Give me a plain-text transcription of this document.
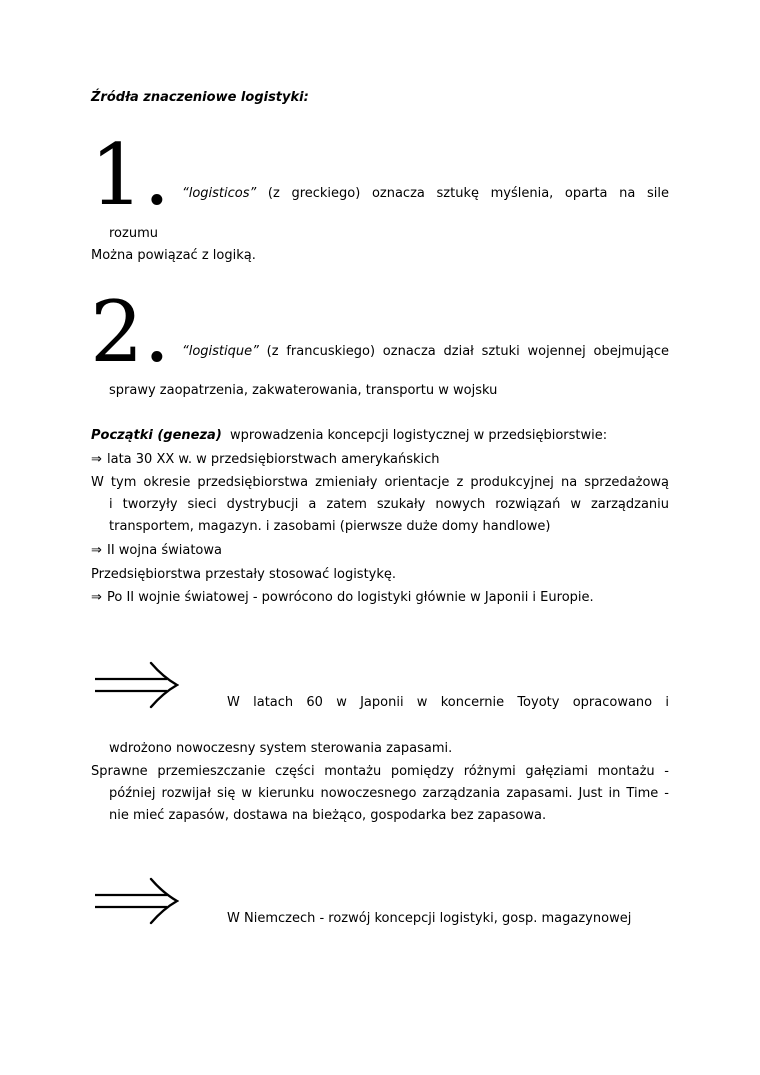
Źródła znaczeniowe logistyki:
1. “logisticos” (z greckiego) oznacza sztukę myślenia, oparta na sile
rozumu
Można powiązać z logiką.
2. “logistique” (z francuskiego) oznacza dział sztuki wojennej obejmujące
sprawy zaopatrzenia, zakwaterowania, transportu w wojsku
Początki (geneza) wprowadzenia koncepcji logistycznej w przedsiębiorstwie:
⇒ lata 30 XX w. w przedsiębiorstwach amerykańskich
W tym okresie przedsiębiorstwa zmieniały orientacje z produkcyjnej na sprzedażową
i tworzyły sieci dystrybucji a zatem szukały nowych rozwiązań w zarządzaniu
transportem, magazyn. i zasobami (pierwsze duże domy handlowe)
⇒ II wojna światowa
Przedsiębiorstwa przestały stosować logistykę.
⇒ Po II wojnie światowej - powrócono do logistyki głównie w Japonii i Europie.
W latach 60 w Japonii w koncernie Toyoty opracowano i
wdrożono nowoczesny system sterowania zapasami.
Sprawne przemieszczanie części montażu pomiędzy różnymi gałęziami montażu -
później rozwijał się w kierunku nowoczesnego zarządzania zapasami. Just in Time -
nie mieć zapasów, dostawa na bieżąco, gospodarka bez zapasowa.
W Niemczech - rozwój koncepcji logistyki, gosp. magazynowej
